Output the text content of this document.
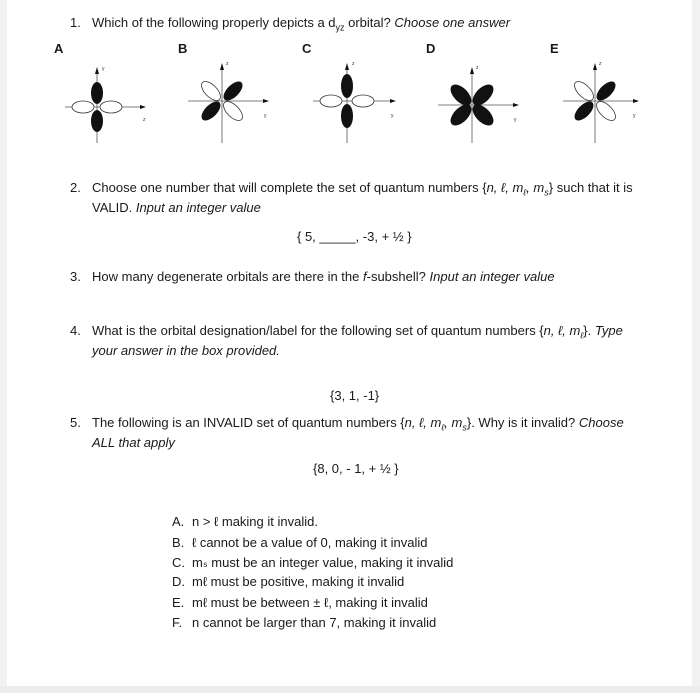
1. Which of the following properly depicts a $d_{yz}$ orbital? Choose one answer
A	B	C	D	E
y
z
z
y
z
y
z
y
z
y
2. Choose one number that will complete the set of quantum numbers {n, ℓ, $m_\ell$, $m_s$} such that it is
VALID. Input an integer value
{ 5, _____, -3, + ½ }
3. How many degenerate orbitals are there in the f-subshell? Input an integer value
4. What is the orbital designation/label for the following set of quantum numbers {n, ℓ, $m_\ell$}. Type
your answer in the box provided.
{3, 1, -1}
5. The following is an INVALID set of quantum numbers {n, ℓ, $m_\ell$, $m_s$}. Why is it invalid? Choose
ALL that apply
{8, 0, - 1, + ½ }
A. n > ℓ making it invalid.
B. ℓ cannot be a value of 0, making it invalid
C. mₛ must be an integer value, making it invalid
D. mℓ must be positive, making it invalid
E. mℓ must be between ± ℓ, making it invalid
F. n cannot be larger than 7, making it invalid
